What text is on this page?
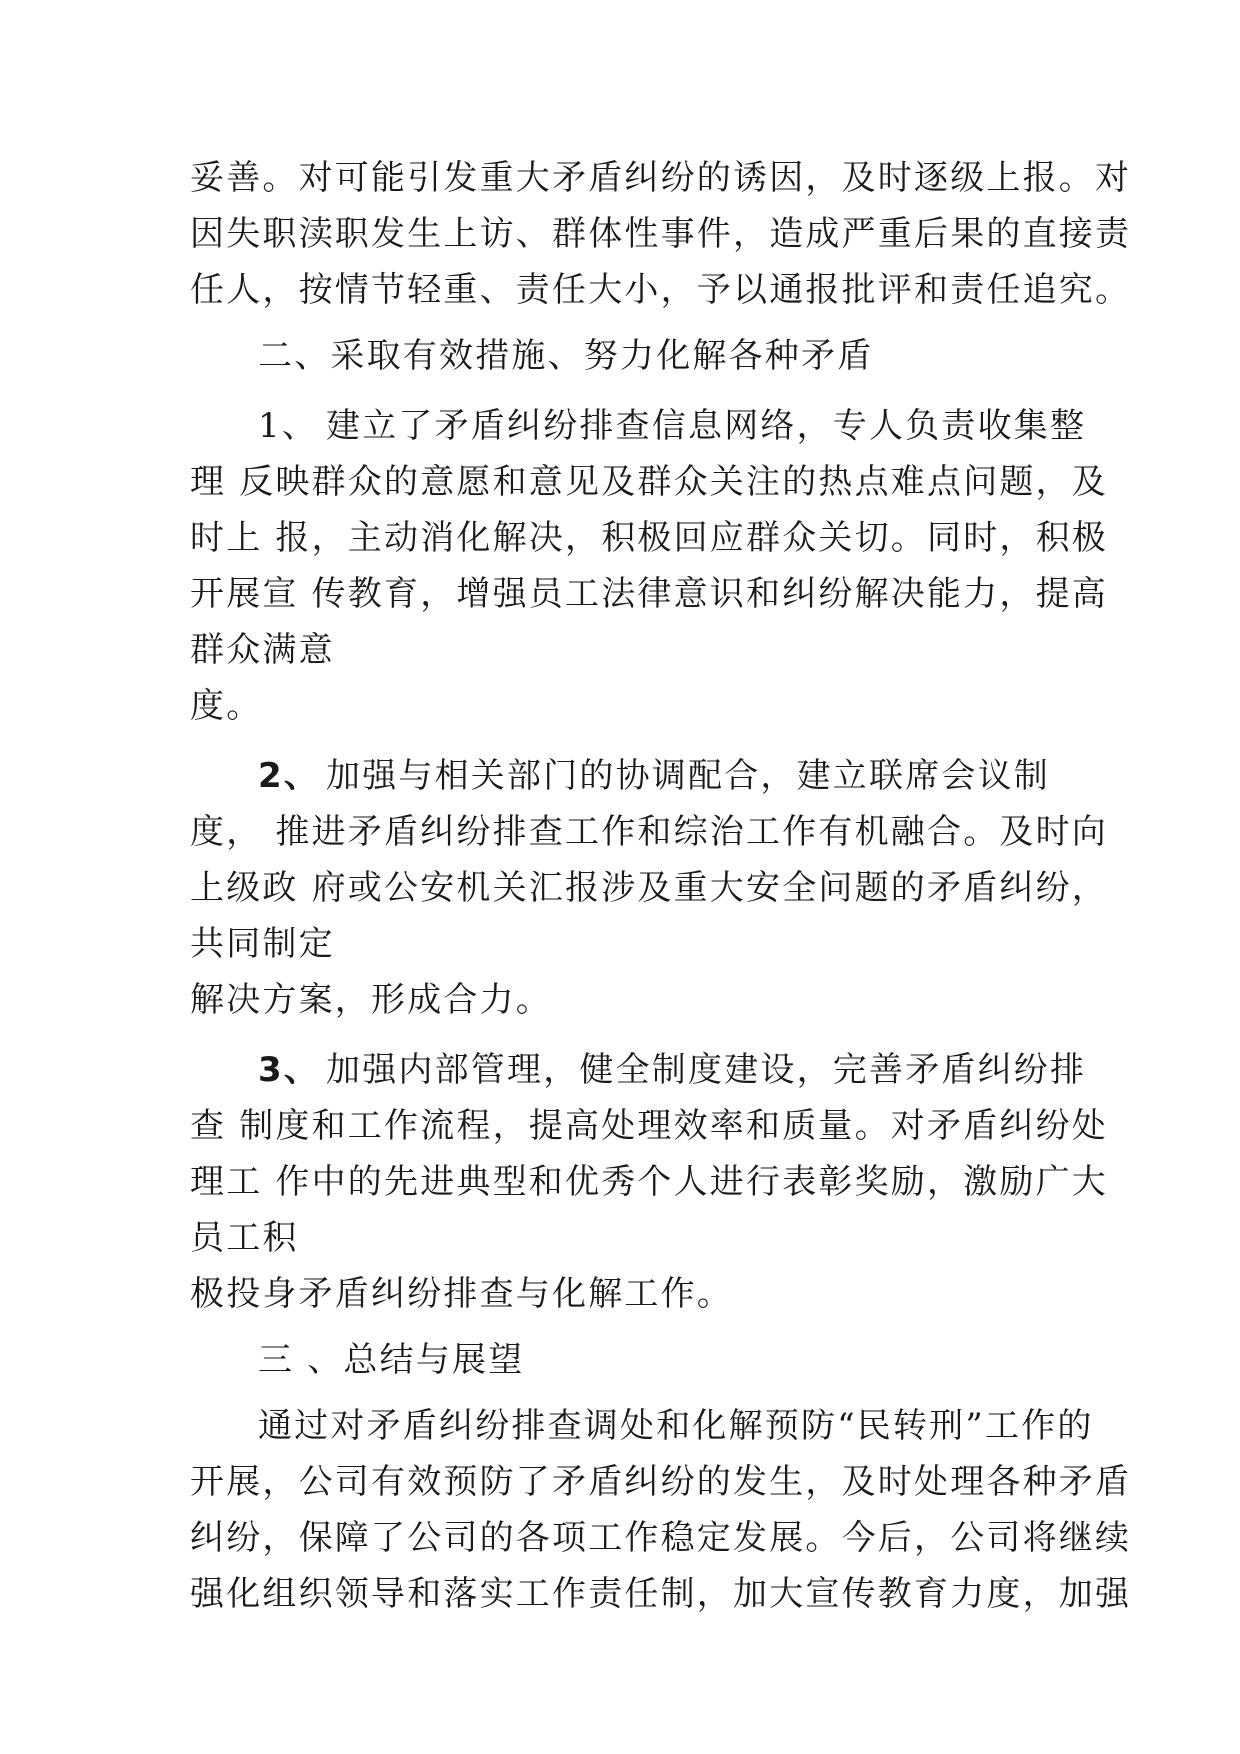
妥善。对可能引发重大矛盾纠纷的诱因，及时逐级上报。对
因失职渎职发生上访、群体性事件，造成严重后果的直接责
任人，按情节轻重、责任大小，予以通报批评和责任追究。
二、采取有效措施、努力化解各种矛盾
1、 建立了矛盾纠纷排查信息网络，专人负责收集整
理 反映群众的意愿和意见及群众关注的热点难点问题，及
时上 报，主动消化解决，积极回应群众关切。同时，积极
开展宣 传教育，增强员工法律意识和纠纷解决能力，提高
群众满意
度。
2、 加强与相关部门的协调配合，建立联席会议制
度， 推进矛盾纠纷排查工作和综治工作有机融合。及时向
上级政 府或公安机关汇报涉及重大安全问题的矛盾纠纷，
共同制定
解决方案，形成合力。
3、 加强内部管理，健全制度建设，完善矛盾纠纷排
查 制度和工作流程，提高处理效率和质量。对矛盾纠纷处
理工 作中的先进典型和优秀个人进行表彰奖励，激励广大
员工积
极投身矛盾纠纷排查与化解工作。
三 、总结与展望
通过对矛盾纠纷排查调处和化解预防“民转刑”工作的
开展，公司有效预防了矛盾纠纷的发生，及时处理各种矛盾
纠纷，保障了公司的各项工作稳定发展。今后，公司将继续
强化组织领导和落实工作责任制，加大宣传教育力度，加强
